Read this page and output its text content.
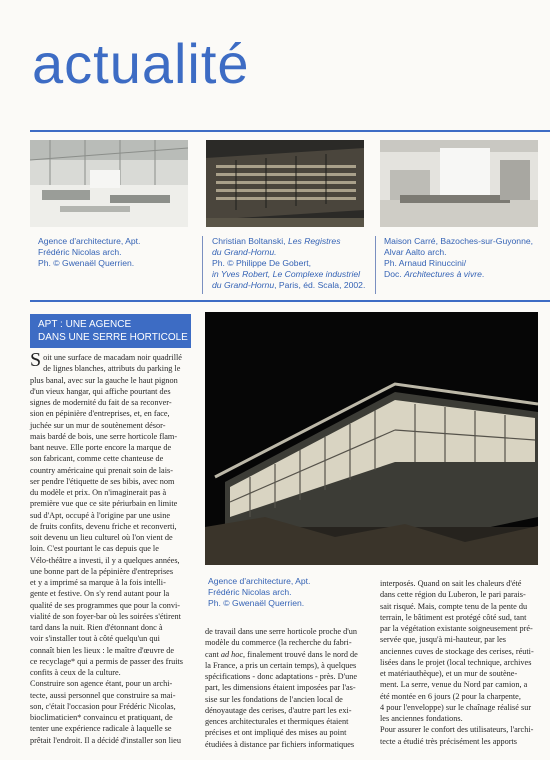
actualité
Agence d'architecture, Apt.
Frédéric Nicolas arch.
Ph. © Gwenaël Querrien.
Christian Boltanski, Les Registres
du Grand-Hornu.
Ph. © Philippe De Gobert,
in Yves Robert, Le Complexe industriel
du Grand-Hornu, Paris, éd. Scala, 2002.
Maison Carré, Bazoches-sur-Guyonne,
Alvar Aalto arch.
Ph. Arnaud Rinuccini/
Doc. Architectures à vivre.
APT : UNE AGENCE
DANS UNE SERRE HORTICOLE
Agence d'architecture, Apt.
Frédéric Nicolas arch.
Ph. © Gwenaël Querrien.
S oit une surface de macadam noir quadrillé
de lignes blanches, attributs du parking le
plus banal, avec sur la gauche le haut pignon
d'un vieux hangar, qui affiche pourtant des
signes de modernité du fait de sa reconver-
sion en pépinière d'entreprises, et, en face,
juchée sur un mur de soutènement désor-
mais bardé de bois, une serre horticole flam-
bant neuve. Elle porte encore la marque de
son fabricant, comme cette chanteuse de
country américaine qui prenait soin de lais-
ser pendre l'étiquette de ses bibis, avec nom
du modèle et prix. On n'imaginerait pas à
première vue que ce site périurbain en limite
sud d'Apt, occupé à l'origine par une usine
de fruits confits, devenu friche et reconverti,
soit devenu un lieu culturel où l'on vient de
loin. C'est pourtant le cas depuis que le
Vélo-théâtre a investi, il y a quelques années,
une bonne part de la pépinière d'entreprises
et y a imprimé sa marque à la fois intelli-
gente et festive. On s'y rend autant pour la
qualité de ses programmes que pour la convi-
vialité de son foyer-bar où les soirées s'étirent
tard dans la nuit. Rien d'étonnant donc à
voir s'installer tout à côté quelqu'un qui
connaît bien les lieux : le maître d'œuvre de
ce recyclage* qui a permis de passer des fruits
confits à ceux de la culture.
Construire son agence étant, pour un archi-
tecte, aussi personnel que construire sa mai-
son, c'était l'occasion pour Frédéric Nicolas,
bioclimaticien* convaincu et pratiquant, de
tenter une expérience radicale à laquelle se
prêtait l'endroit. Il a décidé d'installer son lieu
de travail dans une serre horticole proche d'un
modèle du commerce (la recherche du fabri-
cant ad hoc, finalement trouvé dans le nord de
la France, a pris un certain temps), à quelques
spécifications - donc adaptations - près. D'une
part, les dimensions étaient imposées par l'as-
sise sur les fondations de l'ancien local de
dénoyautage des cerises, d'autre part les exi-
gences architecturales et thermiques étaient
précises et ont impliqué des mises au point
étudiées à distance par fichiers informatiques
interposés. Quand on sait les chaleurs d'été
dans cette région du Luberon, le pari parais-
sait risqué. Mais, compte tenu de la pente du
terrain, le bâtiment est protégé côté sud, tant
par la végétation existante soigneusement pré-
servée que, jusqu'à mi-hauteur, par les
anciennes cuves de stockage des cerises, réuti-
lisées dans le projet (local technique, archives
et matériauthèque), et un mur de soutène-
ment. La serre, venue du Nord par camion, a
été montée en 6 jours (2 pour la charpente,
4 pour l'enveloppe) sur le chaînage réalisé sur
les anciennes fondations.
Pour assurer le confort des utilisateurs, l'archi-
tecte a étudié très précisément les apports
